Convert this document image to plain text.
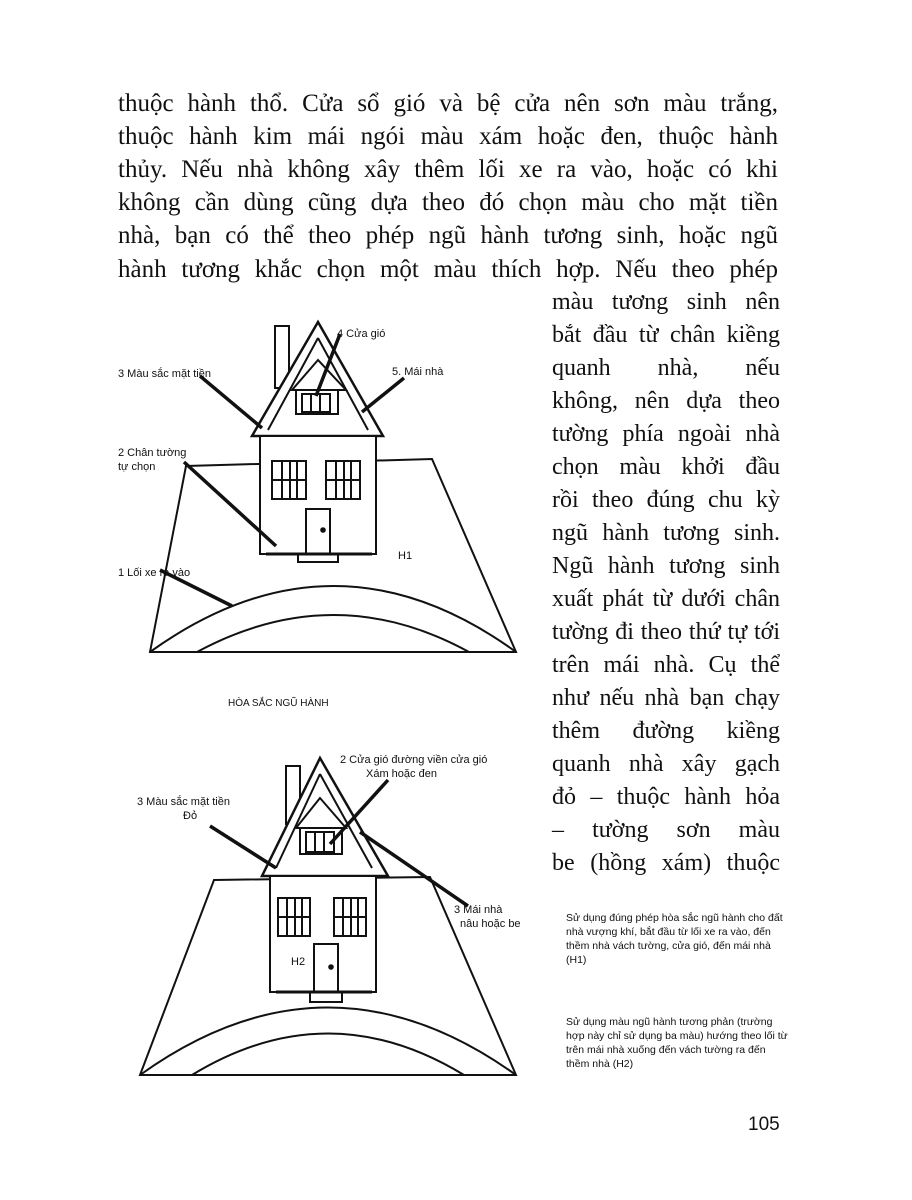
thuộc hành thổ. Cửa sổ gió và bệ cửa nên sơn màu trắng,
thuộc hành kim mái ngói màu xám hoặc đen, thuộc hành
thủy. Nếu nhà không xây thêm lối xe ra vào, hoặc có khi
không cần dùng cũng dựa theo đó chọn màu cho mặt tiền
nhà, bạn có thể theo phép ngũ hành tương sinh, hoặc ngũ
hành tương khắc chọn một màu thích hợp. Nếu theo phép
màu tương sinh nên
bắt đầu từ chân kiềng
quanh nhà, nếu
không, nên dựa theo
tường phía ngoài nhà
chọn màu khởi đầu
rồi theo đúng chu kỳ
ngũ hành tương sinh.
Ngũ hành tương sinh
xuất phát từ dưới chân
tường đi theo thứ tự tới
trên mái nhà. Cụ thể
như nếu nhà bạn chạy
thêm đường kiềng
quanh nhà xây gạch
đỏ – thuộc hành hỏa
– tường sơn màu
be (hồng xám) thuộc
4 Cửa gió
3 Màu sắc mặt tiền	5. Mái nhà
2 Chân tường
tự chọn
1 Lối xe ra vào
H1
HÒA SẮC NGŨ HÀNH
2 Cửa gió đường viền cửa gió
Xám hoặc đen
3 Màu sắc mặt tiền
Đỏ
3 Mái nhà
nâu hoặc be
H2

Sử dụng đúng phép hòa sắc ngũ hành cho đất nhà vượng khí, bắt đầu từ lối xe ra vào, đến thềm nhà vách tường, cửa gió, đến mái nhà (H1)

Sử dụng màu ngũ hành tương phản (trường hợp này chỉ sử dụng ba màu) hướng theo lối từ trên mái nhà xuống đến vách tường ra đến thềm nhà (H2)

105
